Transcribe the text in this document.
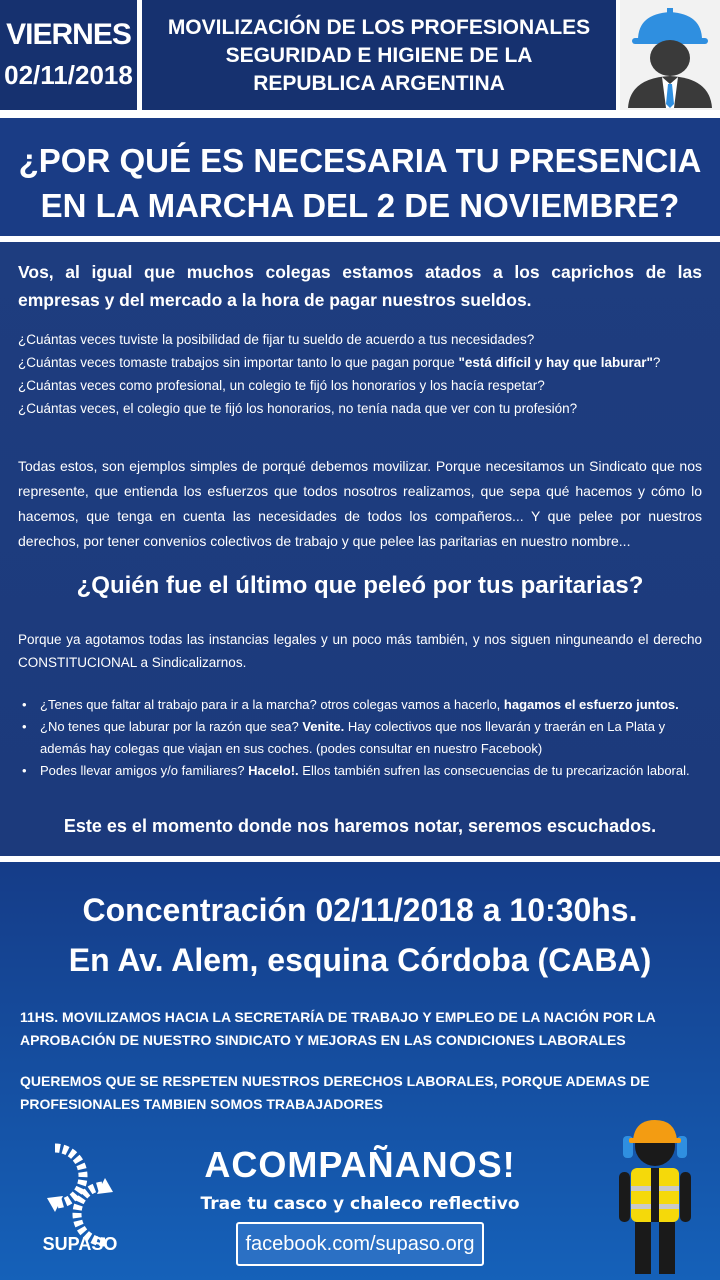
VIERNES
02/11/2018
MOVILIZACIÓN DE LOS PROFESIONALES
SEGURIDAD E HIGIENE DE LA
REPUBLICA ARGENTINA
¿POR QUÉ ES NECESARIA TU PRESENCIA
EN LA MARCHA DEL 2 DE NOVIEMBRE?
Vos, al igual que muchos colegas estamos atados a los caprichos de las empresas y del mercado a la hora de pagar nuestros sueldos.
¿Cuántas veces tuviste la posibilidad de fijar tu sueldo de acuerdo a tus necesidades?
¿Cuántas veces tomaste trabajos sin importar tanto lo que pagan porque "está difícil y hay que laburar"?
¿Cuántas veces como profesional, un colegio te fijó los honorarios y los hacía respetar?
¿Cuántas veces, el colegio que te fijó los honorarios, no tenía nada que ver con tu profesión?
Todas estos, son ejemplos simples de porqué debemos movilizar. Porque necesitamos un Sindicato que nos represente, que entienda los esfuerzos que todos nosotros realizamos, que sepa qué hacemos y cómo lo hacemos, que tenga en cuenta las necesidades de todos los compañeros... Y que pelee por nuestros derechos, por tener convenios colectivos de trabajo y que pelee las paritarias en nuestro nombre...
¿Quién fue el último que peleó por tus paritarias?
Porque ya agotamos todas las instancias legales y un poco más también, y nos siguen ninguneando el derecho CONSTITUCIONAL a Sindicalizarnos.
• ¿Tenes que faltar al trabajo para ir a la marcha? otros colegas vamos a hacerlo, hagamos el esfuerzo juntos.
• ¿No tenes que laburar por la razón que sea? Venite. Hay colectivos que nos llevarán y traerán en La Plata y además hay colegas que viajan en sus coches. (podes consultar en nuestro Facebook)
• Podes llevar amigos y/o familiares? Hacelo!. Ellos también sufren las consecuencias de tu precarización laboral.
Este es el momento donde nos haremos notar, seremos escuchados.
Concentración 02/11/2018 a 10:30hs.
En Av. Alem, esquina Córdoba (CABA)
11HS. MOVILIZAMOS HACIA LA SECRETARÍA DE TRABAJO Y EMPLEO DE LA NACIÓN POR LA APROBACIÓN DE NUESTRO SINDICATO Y MEJORAS EN LAS CONDICIONES LABORALES
QUEREMOS QUE SE RESPETEN NUESTROS DERECHOS LABORALES, PORQUE ADEMAS DE PROFESIONALES TAMBIEN SOMOS TRABAJADORES
SUPASO
ACOMPAÑANOS!
Trae tu casco y chaleco reflectivo
facebook.com/supaso.org
